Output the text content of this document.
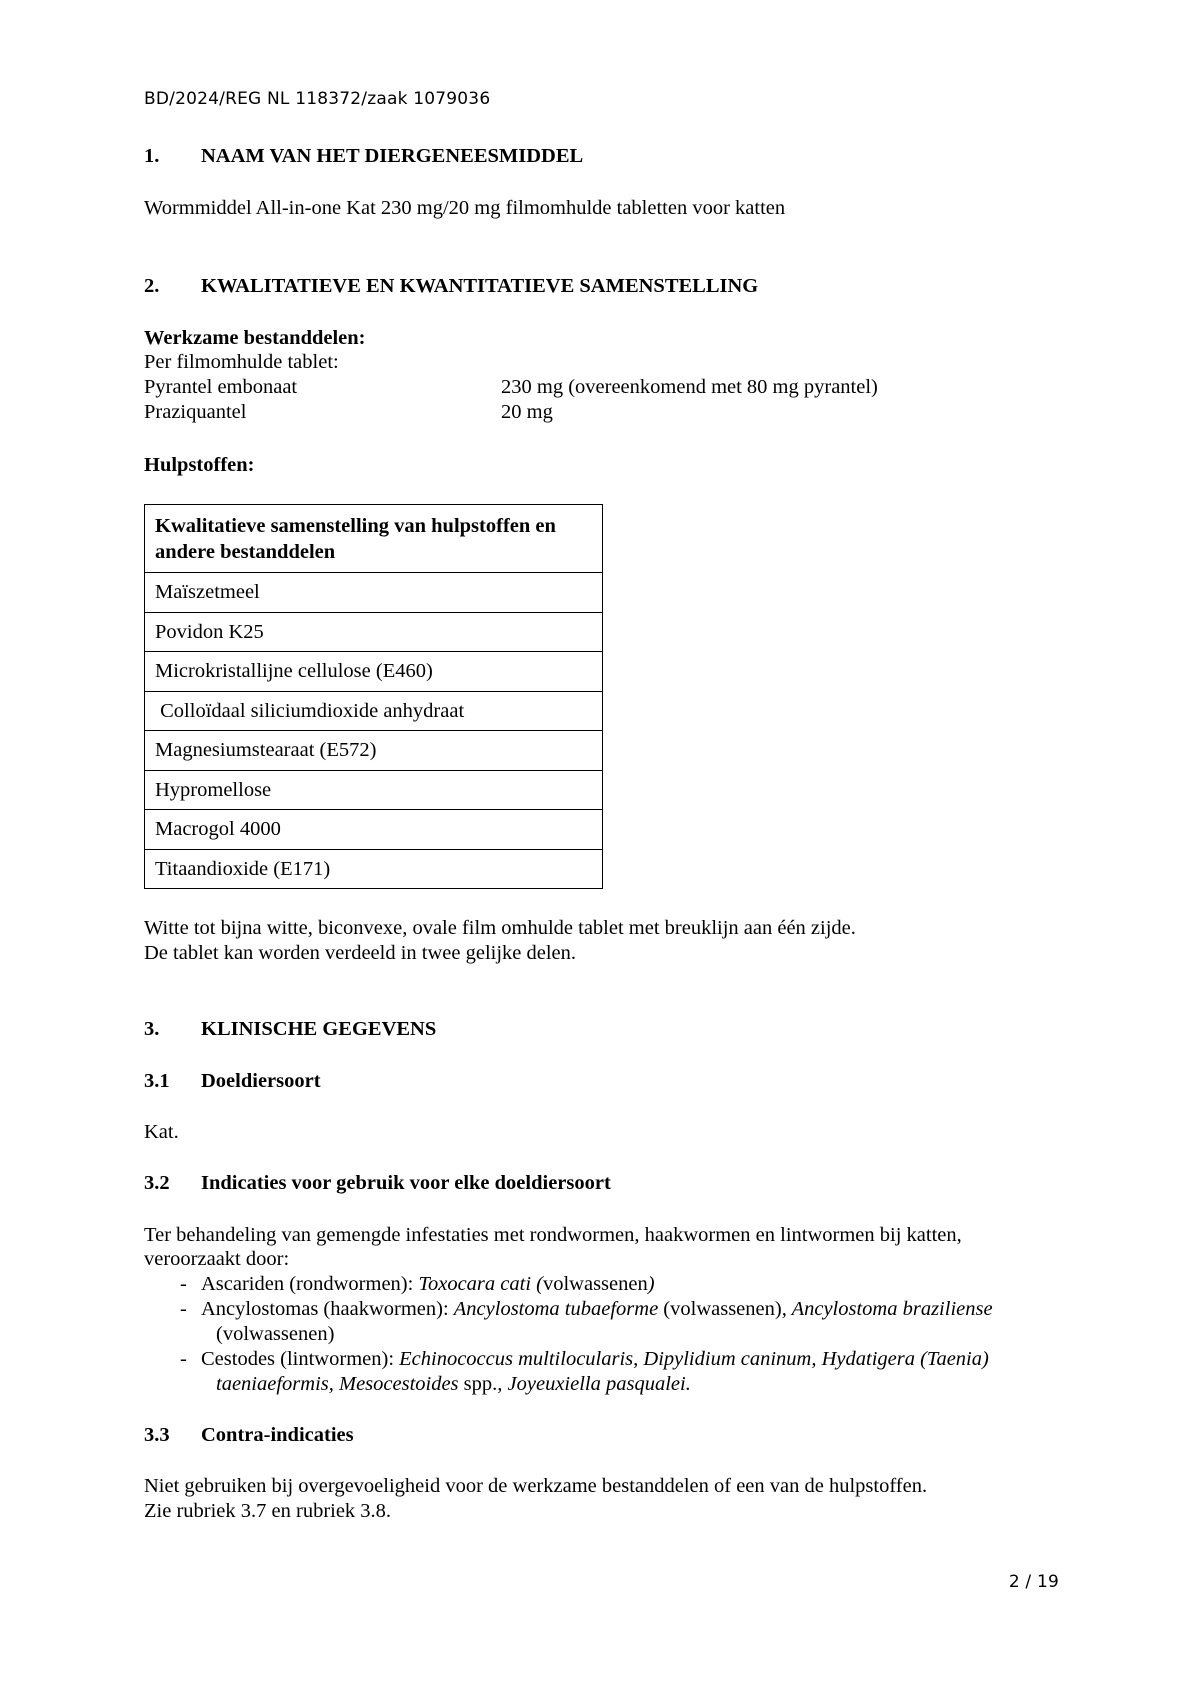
BD/2024/REG NL 118372/zaak 1079036
1. NAAM VAN HET DIERGENEESMIDDEL
Wormmiddel All-in-one Kat 230 mg/20 mg filmomhulde tabletten voor katten
2. KWALITATIEVE EN KWANTITATIEVE SAMENSTELLING
Werkzame bestanddelen:
Per filmomhulde tablet:
Pyrantel embonaat	230 mg (overeenkomend met 80 mg pyrantel)
Praziquantel	20 mg
Hulpstoffen:
Kwalitatieve samenstelling van hulpstoffen en andere bestanddelen
Maïszetmeel
Povidon K25
Microkristallijne cellulose (E460)
Colloïdaal siliciumdioxide anhydraat
Magnesiumstearaat (E572)
Hypromellose
Macrogol 4000
Titaandioxide (E171)
Witte tot bijna witte, biconvexe, ovale film omhulde tablet met breuklijn aan één zijde.
De tablet kan worden verdeeld in twee gelijke delen.
3. KLINISCHE GEGEVENS
3.1 Doeldiersoort
Kat.
3.2 Indicaties voor gebruik voor elke doeldiersoort
Ter behandeling van gemengde infestaties met rondwormen, haakwormen en lintwormen bij katten,
veroorzaakt door:
- Ascariden (rondwormen): Toxocara cati (volwassenen)
- Ancylostomas (haakwormen): Ancylostoma tubaeforme (volwassenen), Ancylostoma braziliense
(volwassenen)
- Cestodes (lintwormen): Echinococcus multilocularis, Dipylidium caninum, Hydatigera (Taenia)
taeniaeformis, Mesocestoides spp., Joyeuxiella pasqualei.
3.3 Contra-indicaties
Niet gebruiken bij overgevoeligheid voor de werkzame bestanddelen of een van de hulpstoffen.
Zie rubriek 3.7 en rubriek 3.8.
2 / 19
